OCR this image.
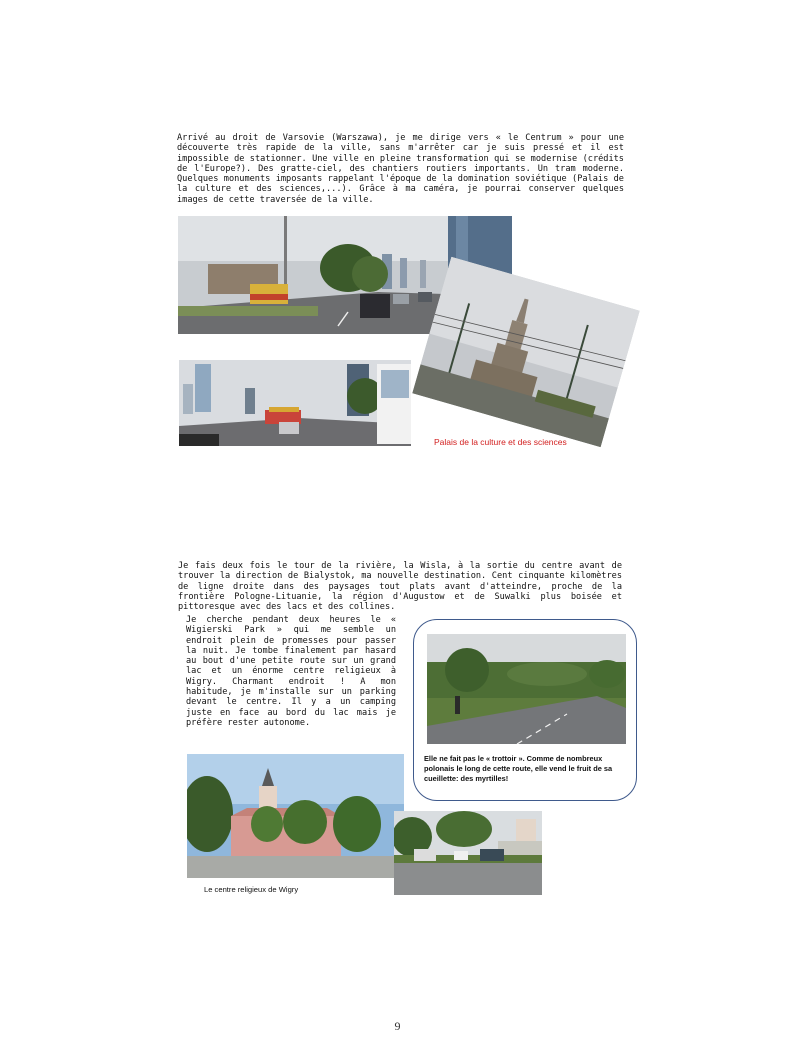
Arrivé au droit de Varsovie (Warszawa), je me dirige vers « le Centrum » pour une découverte très rapide de la ville, sans m'arrêter car je suis pressé et il est impossible de stationner. Une ville en pleine transformation qui se modernise (crédits de l'Europe?). Des gratte-ciel, des chantiers routiers importants. Un tram moderne. Quelques monuments imposants rappelant l'époque de la domination soviétique (Palais de la culture et des sciences,...). Grâce à ma caméra, je pourrai conserver quelques images de cette traversée de la ville.

Palais de la culture et des sciences

Je fais deux fois le tour de la rivière, la Wisla, à la sortie du centre avant de trouver la direction de Bialystok, ma nouvelle destination. Cent cinquante kilomètres de ligne droite dans des paysages tout plats avant d'atteindre, proche de la frontière Pologne-Lituanie, la région d'Augustow et de Suwalki plus boisée et pittoresque avec des lacs et des collines.

Je cherche pendant deux heures le « Wigierski Park » qui me semble un endroit plein de promesses pour passer la nuit. Je tombe finalement par hasard au bout d'une petite route sur un grand lac et un énorme centre religieux à Wigry. Charmant endroit ! A mon habitude, je m'installe sur un parking devant le centre. Il y a un camping juste en face au bord du lac mais je préfère rester autonome.

Elle ne fait pas le « trottoir ». Comme de nombreux polonais le long de cette route, elle vend le fruit de sa cueillette: des myrtilles!

Le centre religieux de Wigry

9
